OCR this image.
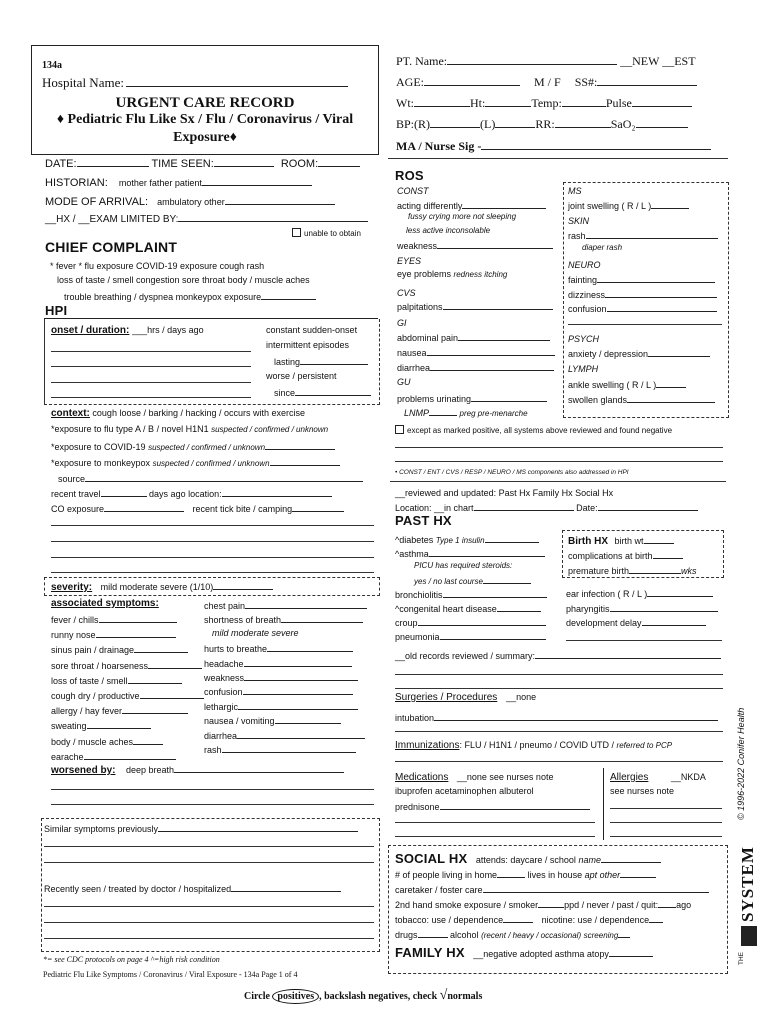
134a
Hospital Name:
URGENT CARE RECORD
♦ Pediatric Flu Like Sx / Flu / Coronavirus / Viral
Exposure♦
DATE:	TIME SEEN:	ROOM:
HISTORIAN: mother father patient
MODE OF ARRIVAL: ambulatory other
__HX / __EXAM LIMITED BY:
unable to obtain
CHIEF COMPLAINT
* fever * flu exposure COVID-19 exposure cough rash
loss of taste / smell congestion sore throat body / muscle aches
trouble breathing / dyspnea monkeypox exposure
HPI
onset / duration: ___hrs / days ago	constant sudden-onset
intermittent episodes
lasting
worse / persistent
since
context: cough loose / barking / hacking / occurs with exercise
*exposure to flu type A / B / novel H1N1 suspected / confirmed / unknown
*exposure to COVID-19 suspected / confirmed / unknown
*exposure to monkeypox suspected / confirmed / unknown
source
recent travel	days ago location:
CO exposure	recent tick bite / camping
severity: mild moderate severe (1/10)
associated symptoms:
fever / chills
runny nose
sinus pain / drainage
sore throat / hoarseness
loss of taste / smell
cough dry / productive
allergy / hay fever
sweating
body / muscle aches
earache
chest pain
shortness of breath
mild moderate severe
hurts to breathe
headache
weakness
confusion
lethargic
nausea / vomiting
diarrhea
rash
worsened by: deep breath
Similar symptoms previously
Recently seen / treated by doctor / hospitalized
*= see CDC protocols on page 4 ^=high risk condition
Pediatric Flu Like Symptoms / Coronavirus / Viral Exposure - 134a Page 1 of 4
Circle positives , backslash negatives, check √normals
PT. Name:	__NEW __EST
AGE:	M / F SS#:
Wt:	Ht:	Temp:	Pulse
BP:(R)	(L)	RR:	SaO₂
MA / Nurse Sig -
ROS
CONST
acting differently
fussy crying more not sleeping
less active inconsolable
weakness
EYES
eye problems redness itching
CVS
palpitations
GI
abdominal pain
nausea
diarrhea
GU
problems urinating
LNMP	preg pre-menarche
MS
joint swelling ( R / L )
SKIN
rash
diaper rash
NEURO
fainting
dizziness
confusion
PSYCH
anxiety / depression
LYMPH
ankle swelling ( R / L )
swollen glands
except as marked positive, all systems above reviewed and found negative
• CONST / ENT / CVS / RESP / NEURO / MS components also addressed in HPI
__reviewed and updated: Past Hx Family Hx Social Hx
Location: __in chart	Date:
PAST HX
^diabetes Type 1 insulin
^asthma
PICU has required steroids:
yes / no last course
bronchiolitis
^congenital heart disease
croup
pneumonia
Birth HX birth wt
complications at birth
premature birth	wks
ear infection ( R / L )
pharyngitis
development delay
__old records reviewed / summary:
Surgeries / Procedures __none
intubation
Immunizations: FLU / H1N1 / pneumo / COVID UTD / referred to PCP
Medications __none see nurses note
ibuprofen acetaminophen albuterol
prednisone
Allergies	__NKDA
see nurses note
SOCIAL HX attends: daycare / school name
# of people living in home	lives in house apt other
caretaker / foster care
2nd hand smoke exposure / smoker	ppd / never / past / quit: ago
tobacco: use / dependence	nicotine: use / dependence
drugs	alcohol (recent / heavy / occasional) screening
FAMILY HX __negative adopted asthma atopy
© 1996-2022 Conifer Health
SYSTEM
THE
